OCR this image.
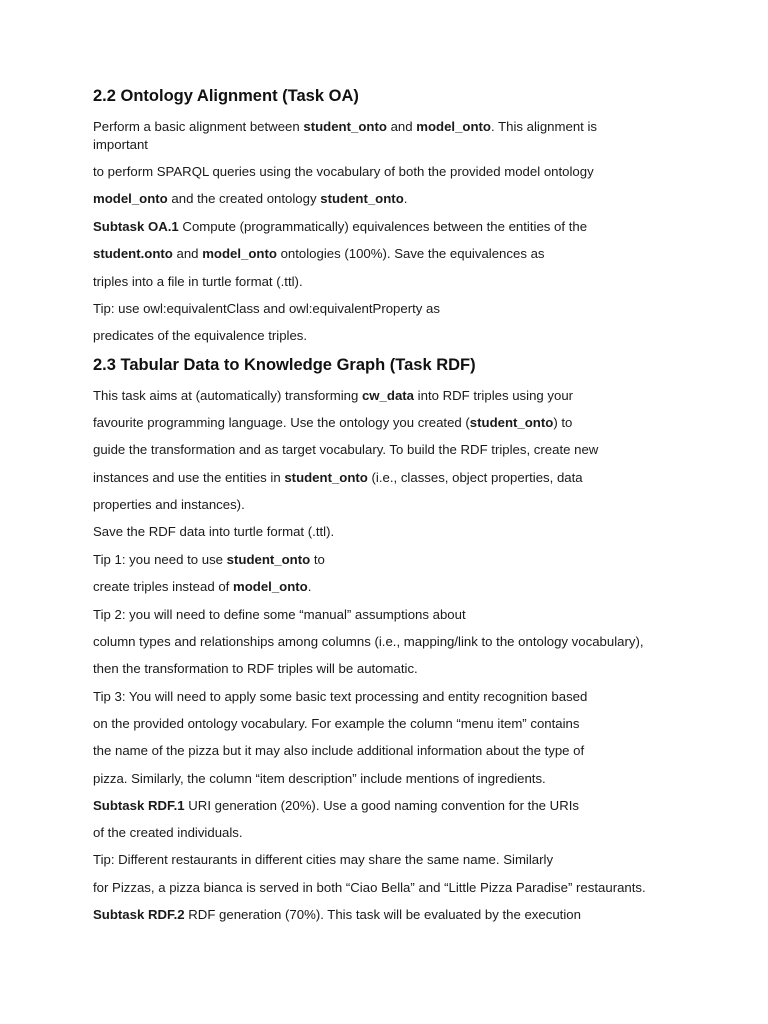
2.2 Ontology Alignment (Task OA)

Perform a basic alignment between student_onto and model_onto. This alignment is

important

to perform SPARQL queries using the vocabulary of both the provided model ontology

model_onto and the created ontology student_onto.

Subtask OA.1 Compute (programmatically) equivalences between the entities of the

student.onto and model_onto ontologies (100%). Save the equivalences as

triples into a file in turtle format (.ttl).

Tip: use owl:equivalentClass and owl:equivalentProperty as

predicates of the equivalence triples.

2.3 Tabular Data to Knowledge Graph (Task RDF)

This task aims at (automatically) transforming cw_data into RDF triples using your

favourite programming language. Use the ontology you created (student_onto) to

guide the transformation and as target vocabulary. To build the RDF triples, create new

instances and use the entities in student_onto (i.e., classes, object properties, data

properties and instances).

Save the RDF data into turtle format (.ttl).

Tip 1: you need to use student_onto to

create triples instead of model_onto.

Tip 2: you will need to define some “manual” assumptions about

column types and relationships among columns (i.e., mapping/link to the ontology vocabulary),

then the transformation to RDF triples will be automatic.

Tip 3: You will need to apply some basic text processing and entity recognition based

on the provided ontology vocabulary. For example the column “menu item” contains

the name of the pizza but it may also include additional information about the type of

pizza. Similarly, the column “item description” include mentions of ingredients.

Subtask RDF.1 URI generation (20%). Use a good naming convention for the URIs

of the created individuals.

Tip: Different restaurants in different cities may share the same name. Similarly

for Pizzas, a pizza bianca is served in both “Ciao Bella” and “Little Pizza Paradise” restaurants.

Subtask RDF.2 RDF generation (70%). This task will be evaluated by the execution
